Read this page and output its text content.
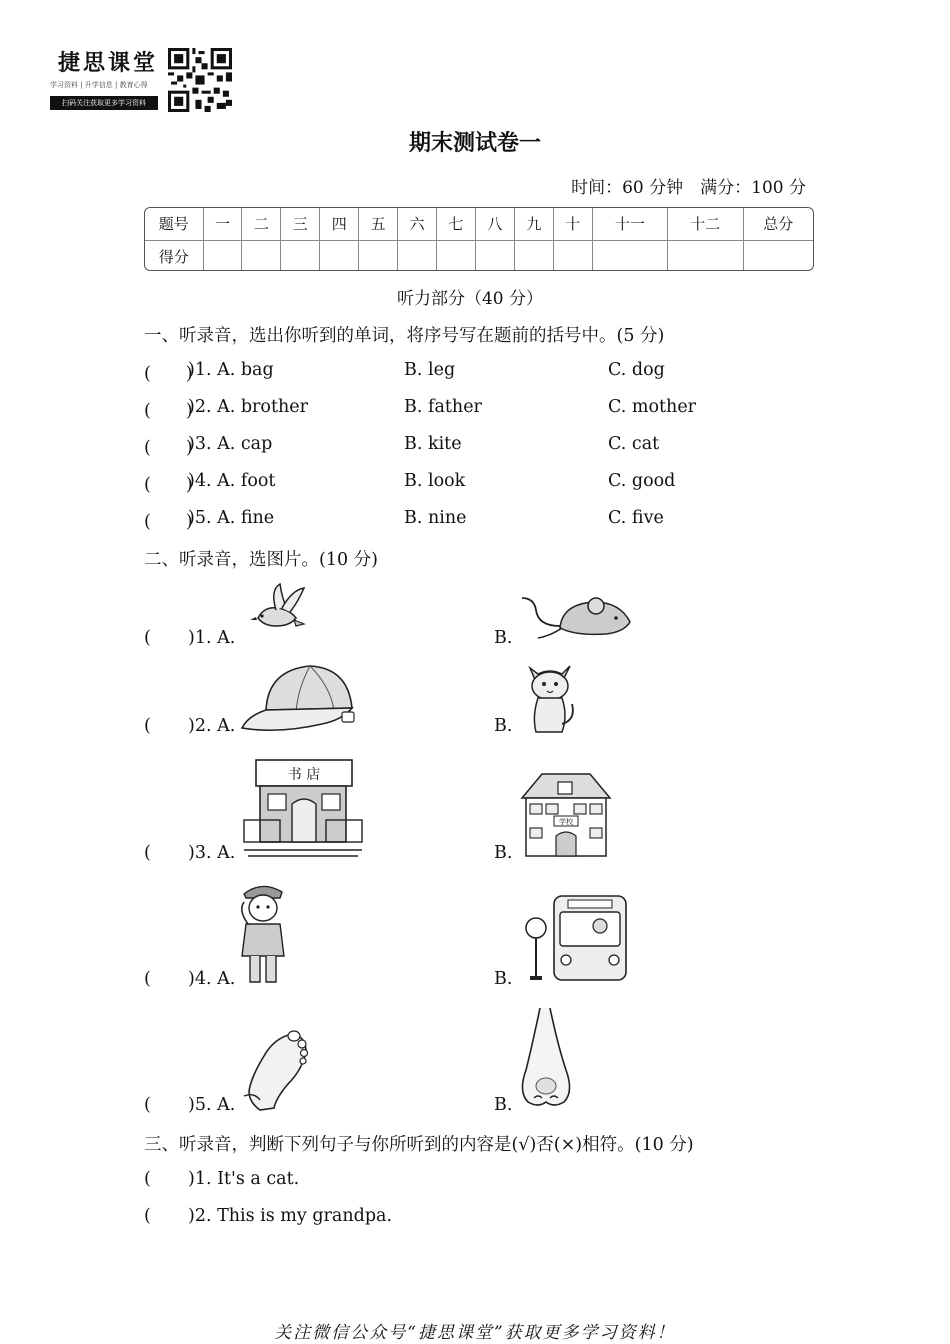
捷思课堂
学习资料 | 升学信息 | 教育心得
扫码关注获取更多学习资料
期末测试卷一
时间：60 分钟　满分：100 分
题号	一	二	三	四	五	六	七	八	九	十	十一	十二	总分
得分													
听力部分（40 分）
一、听录音，选出你听到的单词，将序号写在题前的括号中。(5 分)
(　　)
)1. A. bag	B. leg	C. dog
(　　)
)2. A. brother	B. father	C. mother
(　　)
)3. A. cap	B. kite	C. cat
(　　)
)4. A. foot	B. look	C. good
(　　)
)5. A. fine	B. nine	C. five
二、听录音，选图片。(10 分)
( )1. A.	B.
( )2. A.	B.
( )3. A.
书 店
B.
学校
( )4. A.	B.
( )5. A.	B.
三、听录音，判断下列句子与你所听到的内容是(√)否(×)相符。(10 分)
( )1. It's a cat.
( )2. This is my grandpa.
关注微信公众号“捷思课堂”获取更多学习资料！
